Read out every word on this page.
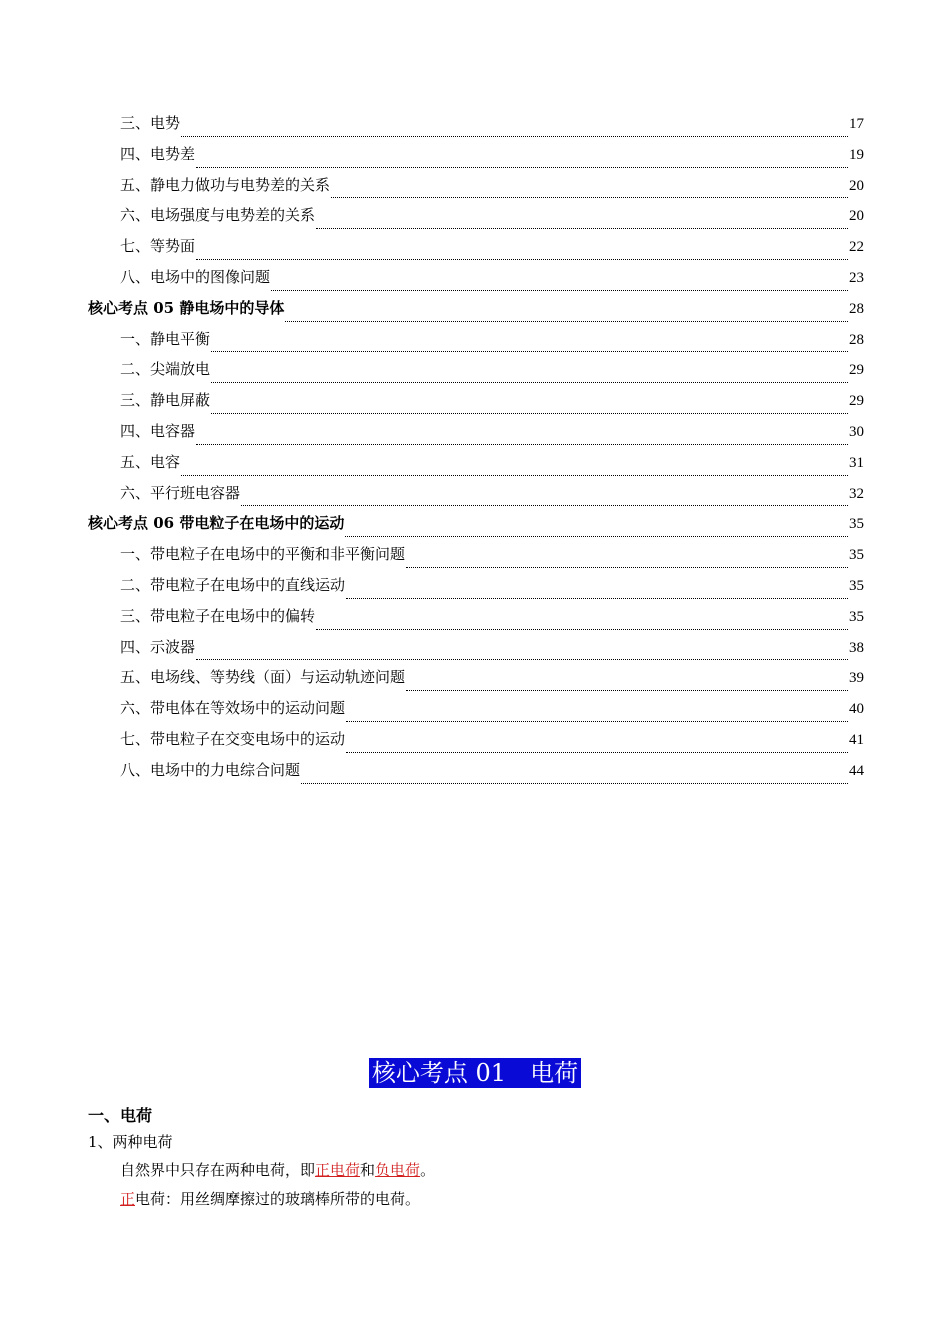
三、电势	17
四、电势差	19
五、静电力做功与电势差的关系	20
六、电场强度与电势差的关系	20
七、等势面	22
八、电场中的图像问题	23
核心考点 05 静电场中的导体	28
一、静电平衡	28
二、尖端放电	29
三、静电屏蔽	29
四、电容器	30
五、电容	31
六、平行班电容器	32
核心考点 06 带电粒子在电场中的运动	35
一、带电粒子在电场中的平衡和非平衡问题	35
二、带电粒子在电场中的直线运动	35
三、带电粒子在电场中的偏转	35
四、示波器	38
五、电场线、等势线（面）与运动轨迹问题	39
六、带电体在等效场中的运动问题	40
七、带电粒子在交变电场中的运动	41
八、电场中的力电综合问题	44
核心考点 01　电荷
一、电荷
1、两种电荷
自然界中只存在两种电荷，即正电荷和负电荷。
正电荷：用丝绸摩擦过的玻璃棒所带的电荷。
